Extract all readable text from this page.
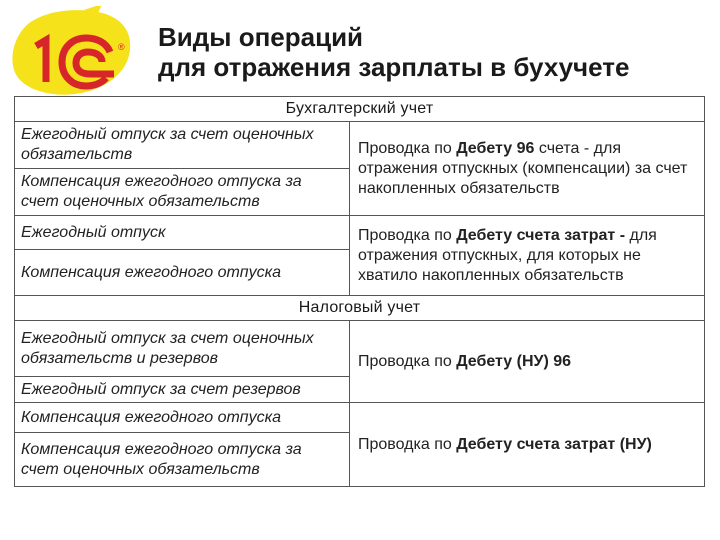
® Виды операций
для отражения зарплаты в бухучете
Бухгалтерский учет	
Ежегодный отпуск за счет оценочных обязательств	Проводка по Дебету 96 счета - для отражения отпускных (компенсации) за счет накопленных обязательств
Компенсация ежегодного отпуска за счет оценочных обязательств	
Ежегодный отпуск	Проводка по Дебету счета затрат - для отражения отпускных, для которых не хватило накопленных обязательств
Компенсация ежегодного отпуска	
Налоговый учет	
Ежегодный отпуск за счет оценочных обязательств и резервов	Проводка по Дебету (НУ) 96
Ежегодный отпуск за счет резервов	
Компенсация ежегодного отпуска	Проводка по Дебету счета затрат (НУ)
Компенсация ежегодного отпуска за счет оценочных обязательств	
